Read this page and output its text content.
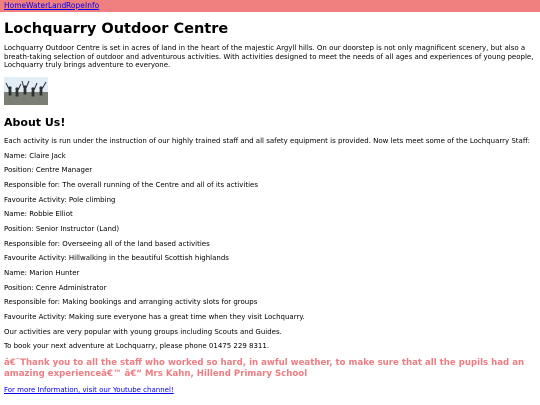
Home Water Land Rope Info
Lochquarry Outdoor Centre
Lochquarry Outdoor Centre is set in acres of land in the heart of the majestic Argyll hills. On our doorstep is not only magnificent scenery, but also a breath-taking selection of outdoor and adventurous activities. With activities designed to meet the needs of all ages and experiences of young people, Lochquarry truly brings adventure to everyone.
About Us!
Each activity is run under the instruction of our highly trained staff and all safety equipment is provided. Now lets meet some of the Lochquarry Staff:
Name: Claire Jack
Position: Centre Manager
Responsible for: The overall running of the Centre and all of its activities
Favourite Activity: Pole climbing
Name: Robbie Elliot
Position: Senior Instructor (Land)
Responsible for: Overseeing all of the land based activities
Favourite Activity: Hillwalking in the beautiful Scottish highlands
Name: Marion Hunter
Position: Cenre Administrator
Responsible for: Making bookings and arranging activity slots for groups
Favourite Activity: Making sure everyone has a great time when they visit Lochquarry.
Our activities are very popular with young groups including Scouts and Guides.
To book your next adventure at Lochquarry, please phone 01475 229 8311.
â€˜Thank you to all the staff who worked so hard, in awful weather, to make sure that all the pupils had an amazing experienceâ€™ â€“ Mrs Kahn, Hillend Primary School
For more Information, visit our Youtube channel!
